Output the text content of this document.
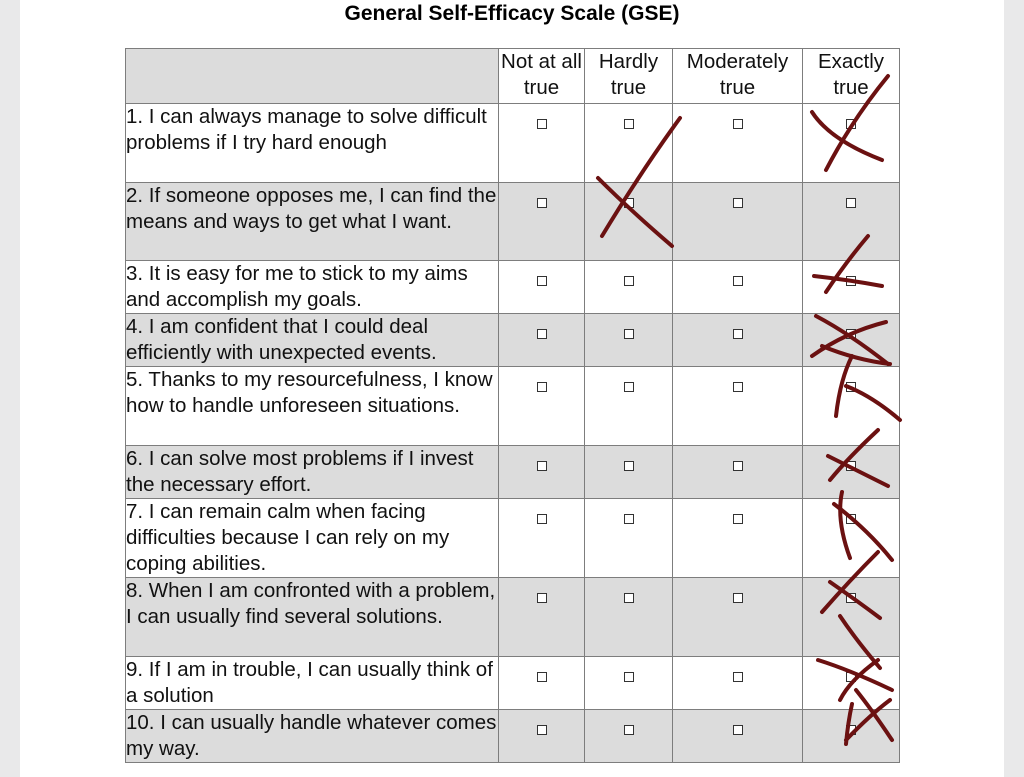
General Self-Efficacy Scale (GSE)
	Not at all true	Hardly true	Moderately true	Exactly true
1. I can always manage to solve difficult problems if I try hard enough				
2. If someone opposes me, I can find the means and ways to get what I want.				
3. It is easy for me to stick to my aims and accomplish my goals.				
4. I am confident that I could deal efficiently with unexpected events.				
5. Thanks to my resourcefulness, I know how to handle unforeseen situations.				
6. I can solve most problems if I invest the necessary effort.				
7. I can remain calm when facing difficulties because I can rely on my coping abilities.				
8. When I am confronted with a problem, I can usually find several solutions.				
9. If I am in trouble, I can usually think of a solution				
10. I can usually handle whatever comes my way.				
